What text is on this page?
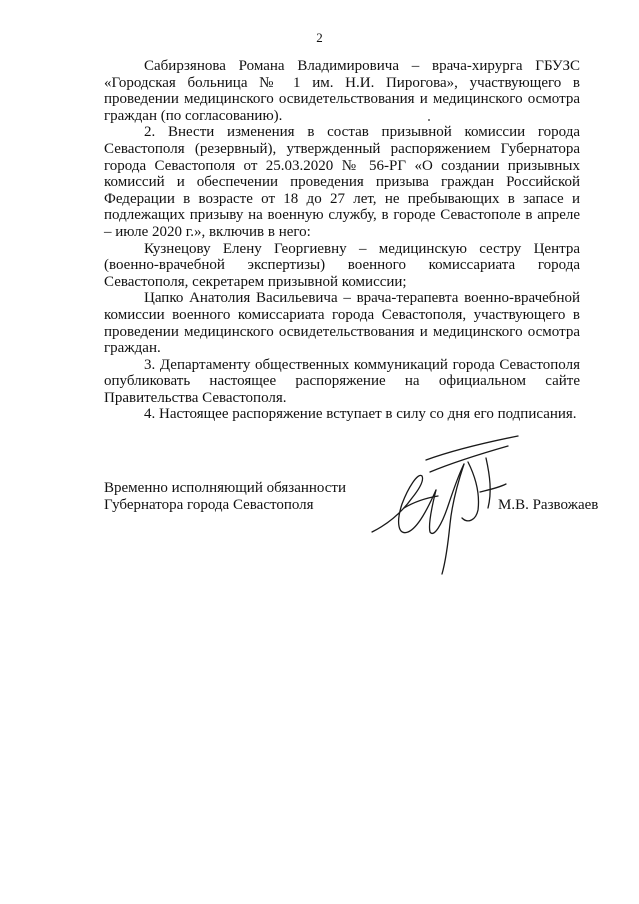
2

Сабирзянова Романа Владимировича – врача-хирурга ГБУЗС «Городская больница № 1 им. Н.И. Пирогова», участвующего в проведении медицинского освидетельствования и медицинского осмотра граждан (по согласованию).

2. Внести изменения в состав призывной комиссии города Севастополя (резервный), утвержденный распоряжением Губернатора города Севастополя от 25.03.2020 № 56-РГ «О создании призывных комиссий и обеспечении проведения призыва граждан Российской Федерации в возрасте от 18 до 27 лет, не пребывающих в запасе и подлежащих призыву на военную службу, в городе Севастополе в апреле – июле 2020 г.», включив в него:

Кузнецову Елену Георгиевну – медицинскую сестру Центра (военно-врачебной экспертизы) военного комиссариата города Севастополя, секретарем призывной комиссии;

Цапко Анатолия Васильевича – врача-терапевта военно-врачебной комиссии военного комиссариата города Севастополя, участвующего в проведении медицинского освидетельствования и медицинского осмотра граждан.

3. Департаменту общественных коммуникаций города Севастополя опубликовать настоящее распоряжение на официальном сайте Правительства Севастополя.

4. Настоящее распоряжение вступает в силу со дня его подписания.

Временно исполняющий обязанности
Губернатора города Севастополя	М.В. Развожаев
